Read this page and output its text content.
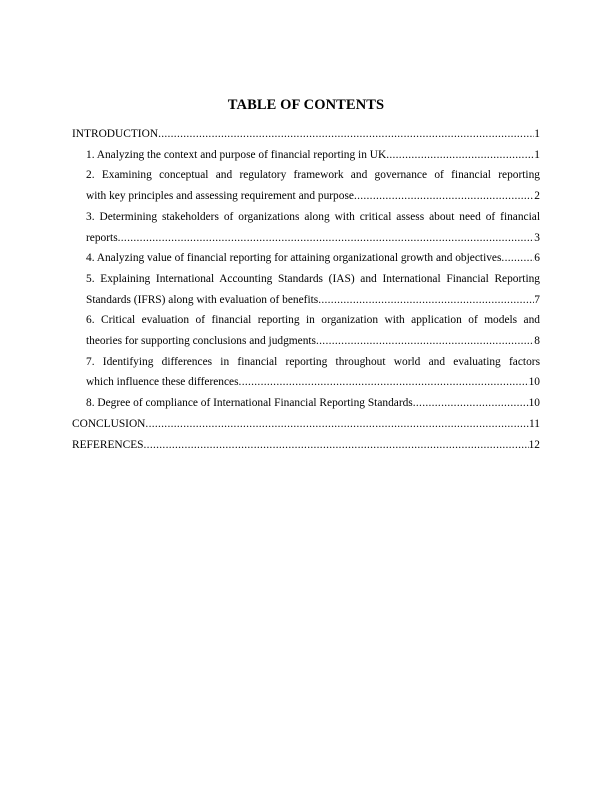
TABLE OF CONTENTS
INTRODUCTION .....	1
1. Analyzing the context and purpose of financial reporting in UK .....	1
2. Examining conceptual and regulatory framework and governance of financial reporting
with key principles and assessing requirement and purpose .....	2
3. Determining stakeholders of organizations along with critical assess about need of financial
reports .....	3
4. Analyzing value of financial reporting for attaining organizational growth and objectives .....	6
5. Explaining International Accounting Standards (IAS) and International Financial Reporting
Standards (IFRS) along with evaluation of benefits .....	7
6. Critical evaluation of financial reporting in organization with application of models and
theories for supporting conclusions and judgments .....	8
7. Identifying differences in financial reporting throughout world and evaluating factors
which influence these differences .....	10
8. Degree of compliance of International Financial Reporting Standards .....	10
CONCLUSION .....	11
REFERENCES .....	12
